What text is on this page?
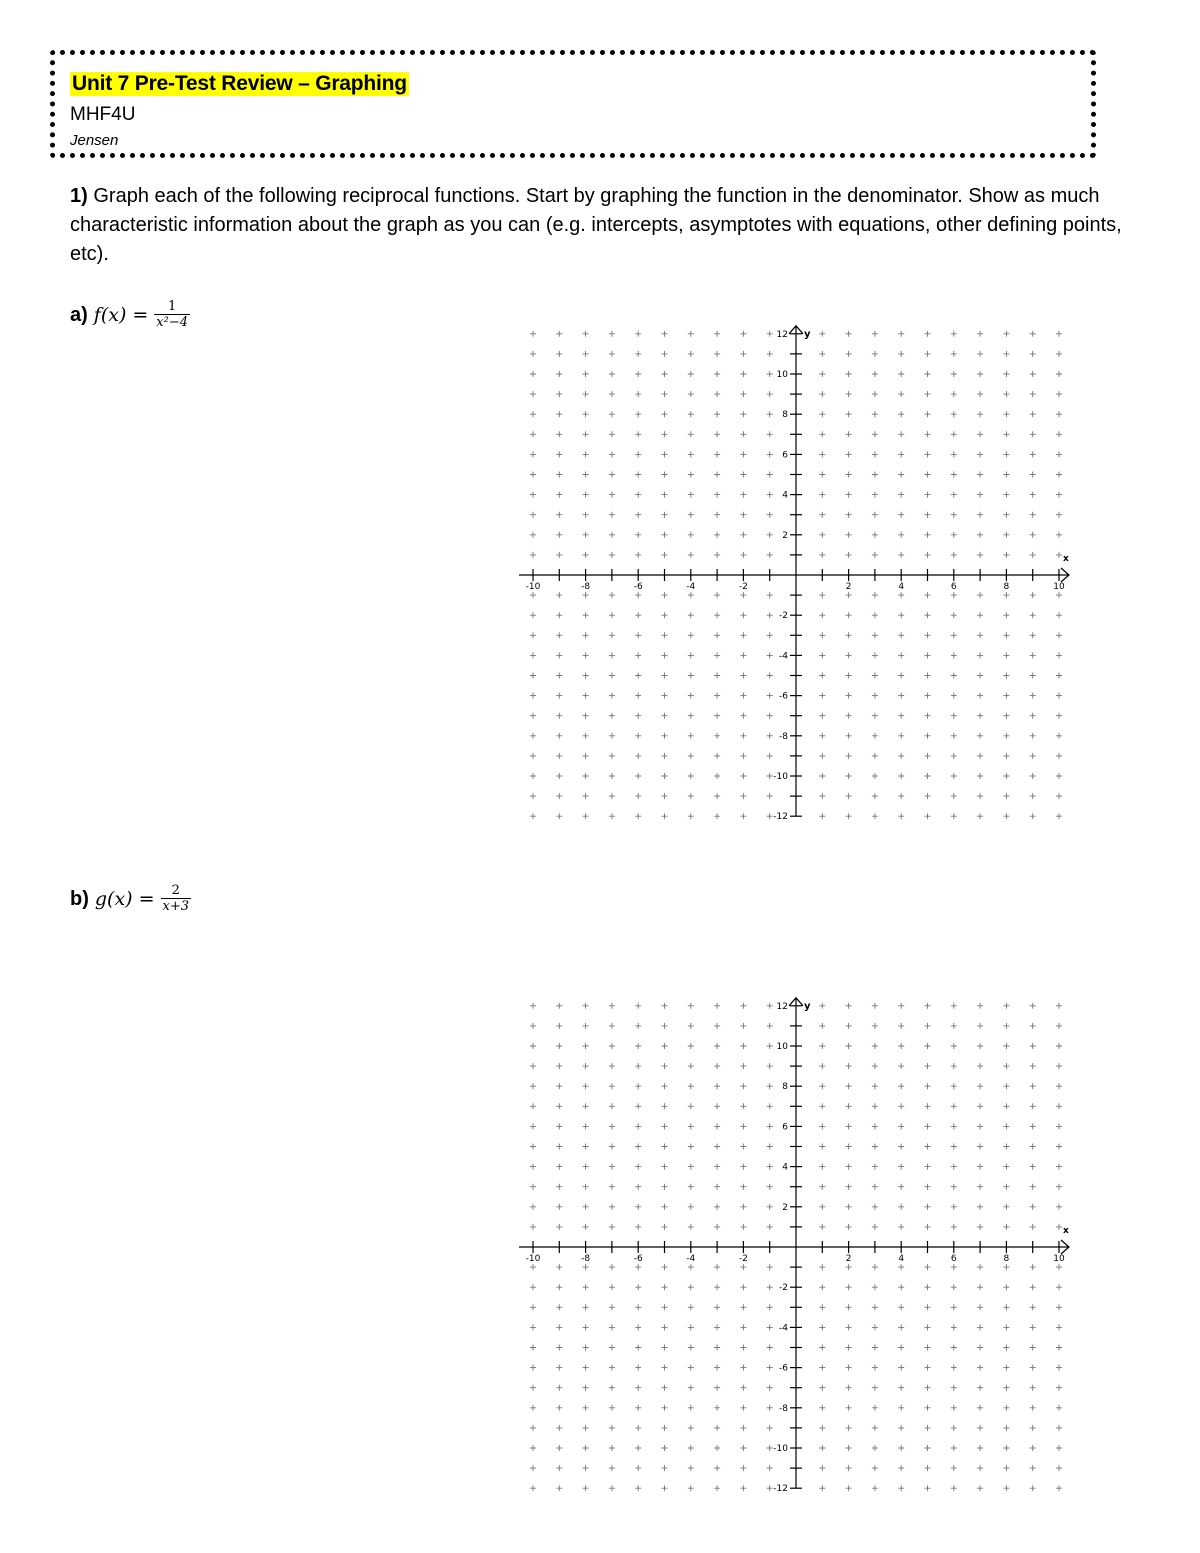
Unit 7 Pre-Test Review – Graphing
MHF4U
Jensen
1) Graph each of the following reciprocal functions. Start by graphing the function in the denominator. Show as much characteristic information about the graph as you can (e.g. intercepts, asymptotes with equations, other defining points, etc).
a) $f(x) = \frac{1}{\text{x²−4}}$
b) $g(x) = \frac{2}{x+3}$
-10	-8	-6	-4	-2	2	4	6	8	10
12
10
8
6
4
2
-2
-4
-6
-8
-10
-12
x
y
-10	-8	-6	-4	-2	2	4	6	8	10
12
10
8
6
4
2
-2
-4
-6
-8
-10
-12
x
y
